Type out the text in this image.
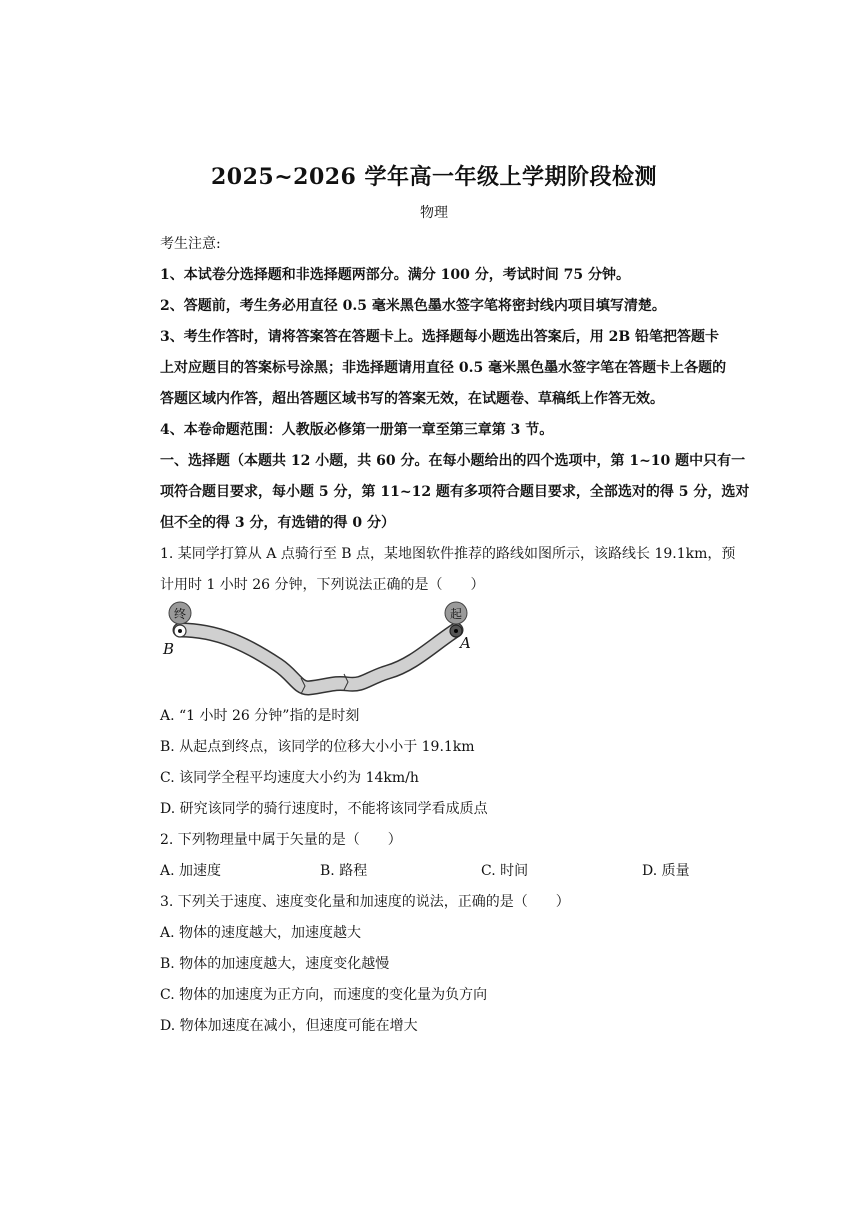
2025~2026 学年高一年级上学期阶段检测
物理
考生注意:
1、本试卷分选择题和非选择题两部分。满分 100 分，考试时间 75 分钟。
2、答题前，考生务必用直径 0.5 毫米黑色墨水签字笔将密封线内项目填写清楚。
3、考生作答时，请将答案答在答题卡上。选择题每小题选出答案后，用 2B 铅笔把答题卡
上对应题目的答案标号涂黑；非选择题请用直径 0.5 毫米黑色墨水签字笔在答题卡上各题的
答题区域内作答，超出答题区域书写的答案无效，在试题卷、草稿纸上作答无效。
4、本卷命题范围：人教版必修第一册第一章至第三章第 3 节。
一、选择题（本题共 12 小题，共 60 分。在每小题给出的四个选项中，第 1~10 题中只有一
项符合题目要求，每小题 5 分，第 11~12 题有多项符合题目要求，全部选对的得 5 分，选对
但不全的得 3 分，有选错的得 0 分）
1. 某同学打算从 A 点骑行至 B 点，某地图软件推荐的路线如图所示，该路线长 19.1km，预
计用时 1 小时 26 分钟，下列说法正确的是（　　）
终	起
B	A
A. “1 小时 26 分钟”指的是时刻
B. 从起点到终点，该同学的位移大小小于 19.1km
C. 该同学全程平均速度大小约为 14km/h
D. 研究该同学的骑行速度时，不能将该同学看成质点
2. 下列物理量中属于矢量的是（　　）
A. 加速度	B. 路程	C. 时间	D. 质量
3. 下列关于速度、速度变化量和加速度的说法，正确的是（　　）
A. 物体的速度越大，加速度越大
B. 物体的加速度越大，速度变化越慢
C. 物体的加速度为正方向，而速度的变化量为负方向
D. 物体加速度在减小，但速度可能在增大
